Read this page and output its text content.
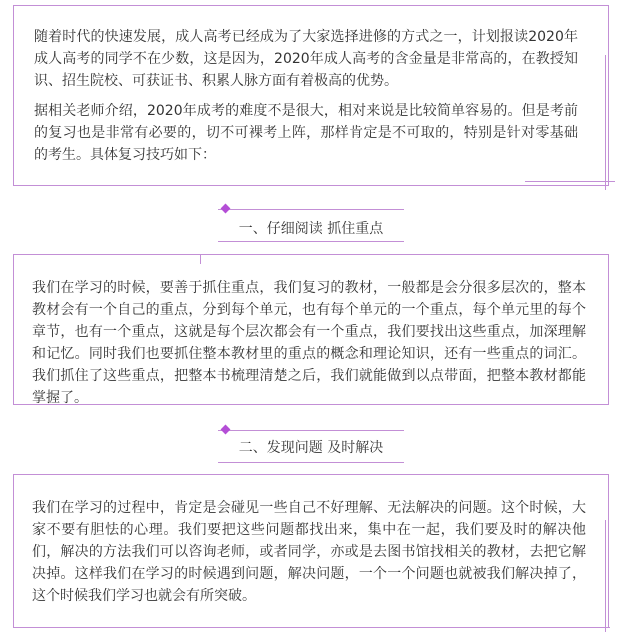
随着时代的快速发展，成人高考已经成为了大家选择进修的方式之一，计划报读2020年成人高考的同学不在少数，这是因为，2020年成人高考的含金量是非常高的，在教授知识、招生院校、可获证书、积累人脉方面有着极高的优势。

据相关老师介绍，2020年成考的难度不是很大，相对来说是比较简单容易的。但是考前的复习也是非常有必要的，切不可裸考上阵，那样肯定是不可取的，特别是针对零基础的考生。具体复习技巧如下：

一、仔细阅读 抓住重点

我们在学习的时候，要善于抓住重点，我们复习的教材，一般都是会分很多层次的，整本教材会有一个自己的重点，分到每个单元，也有每个单元的一个重点，每个单元里的每个章节，也有一个重点，这就是每个层次都会有一个重点，我们要找出这些重点，加深理解和记忆。同时我们也要抓住整本教材里的重点的概念和理论知识，还有一些重点的词汇。我们抓住了这些重点，把整本书梳理清楚之后，我们就能做到以点带面，把整本教材都能掌握了。

二、发现问题 及时解决

我们在学习的过程中，肯定是会碰见一些自己不好理解、无法解决的问题。这个时候，大家不要有胆怯的心理。我们要把这些问题都找出来，集中在一起，我们要及时的解决他们，解决的方法我们可以咨询老师，或者同学，亦或是去图书馆找相关的教材，去把它解决掉。这样我们在学习的时候遇到问题，解决问题，一个一个问题也就被我们解决掉了，这个时候我们学习也就会有所突破。
